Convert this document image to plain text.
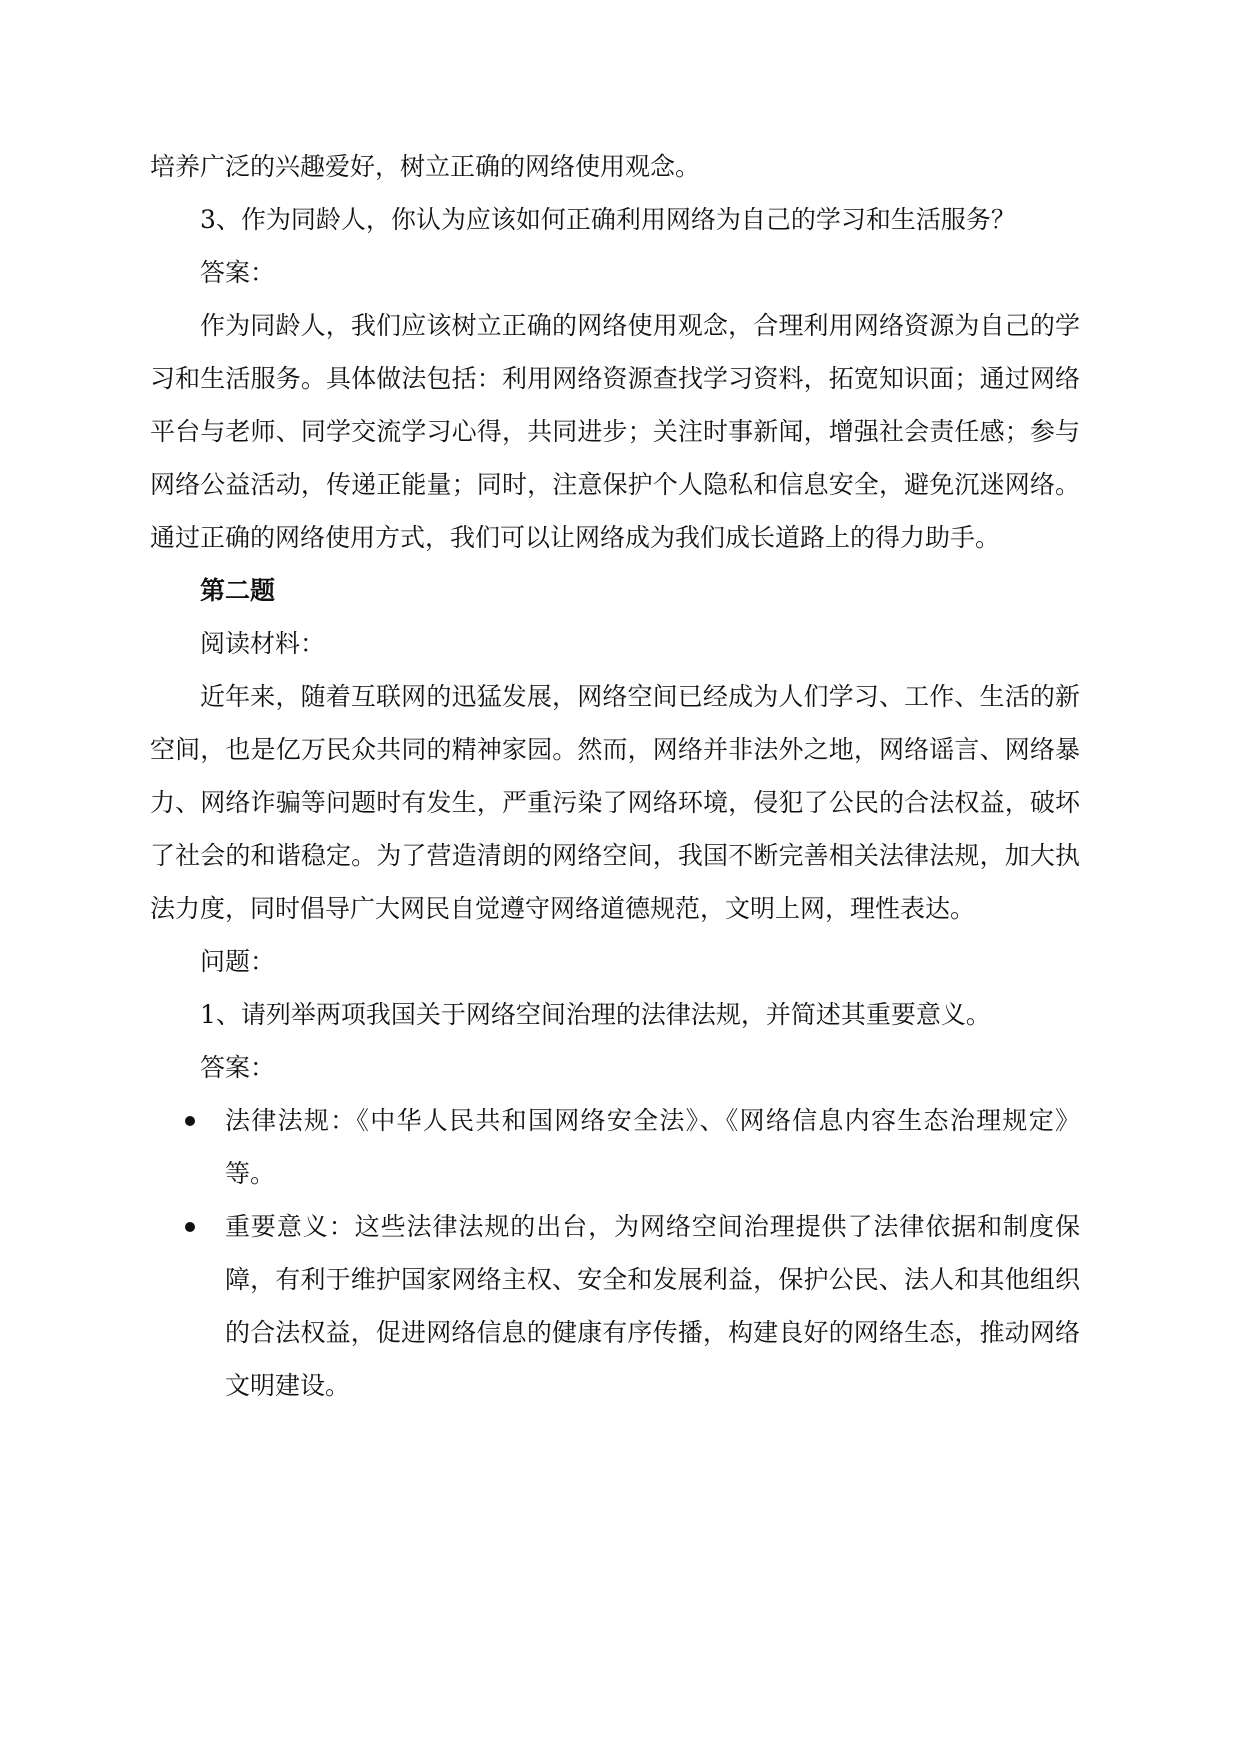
培养广泛的兴趣爱好，树立正确的网络使用观念。

3、作为同龄人，你认为应该如何正确利用网络为自己的学习和生活服务？

答案：

作为同龄人，我们应该树立正确的网络使用观念，合理利用网络资源为自己的学习和生活服务。具体做法包括：利用网络资源查找学习资料，拓宽知识面；通过网络平台与老师、同学交流学习心得，共同进步；关注时事新闻，增强社会责任感；参与网络公益活动，传递正能量；同时，注意保护个人隐私和信息安全，避免沉迷网络。通过正确的网络使用方式，我们可以让网络成为我们成长道路上的得力助手。

第二题

阅读材料：

近年来，随着互联网的迅猛发展，网络空间已经成为人们学习、工作、生活的新空间，也是亿万民众共同的精神家园。然而，网络并非法外之地，网络谣言、网络暴力、网络诈骗等问题时有发生，严重污染了网络环境，侵犯了公民的合法权益，破坏了社会的和谐稳定。为了营造清朗的网络空间，我国不断完善相关法律法规，加大执法力度，同时倡导广大网民自觉遵守网络道德规范，文明上网，理性表达。

问题：

1、请列举两项我国关于网络空间治理的法律法规，并简述其重要意义。

答案：

法律法规：《中华人民共和国网络安全法》、《网络信息内容生态治理规定》等。
重要意义：这些法律法规的出台，为网络空间治理提供了法律依据和制度保障，有利于维护国家网络主权、安全和发展利益，保护公民、法人和其他组织的合法权益，促进网络信息的健康有序传播，构建良好的网络生态，推动网络文明建设。
